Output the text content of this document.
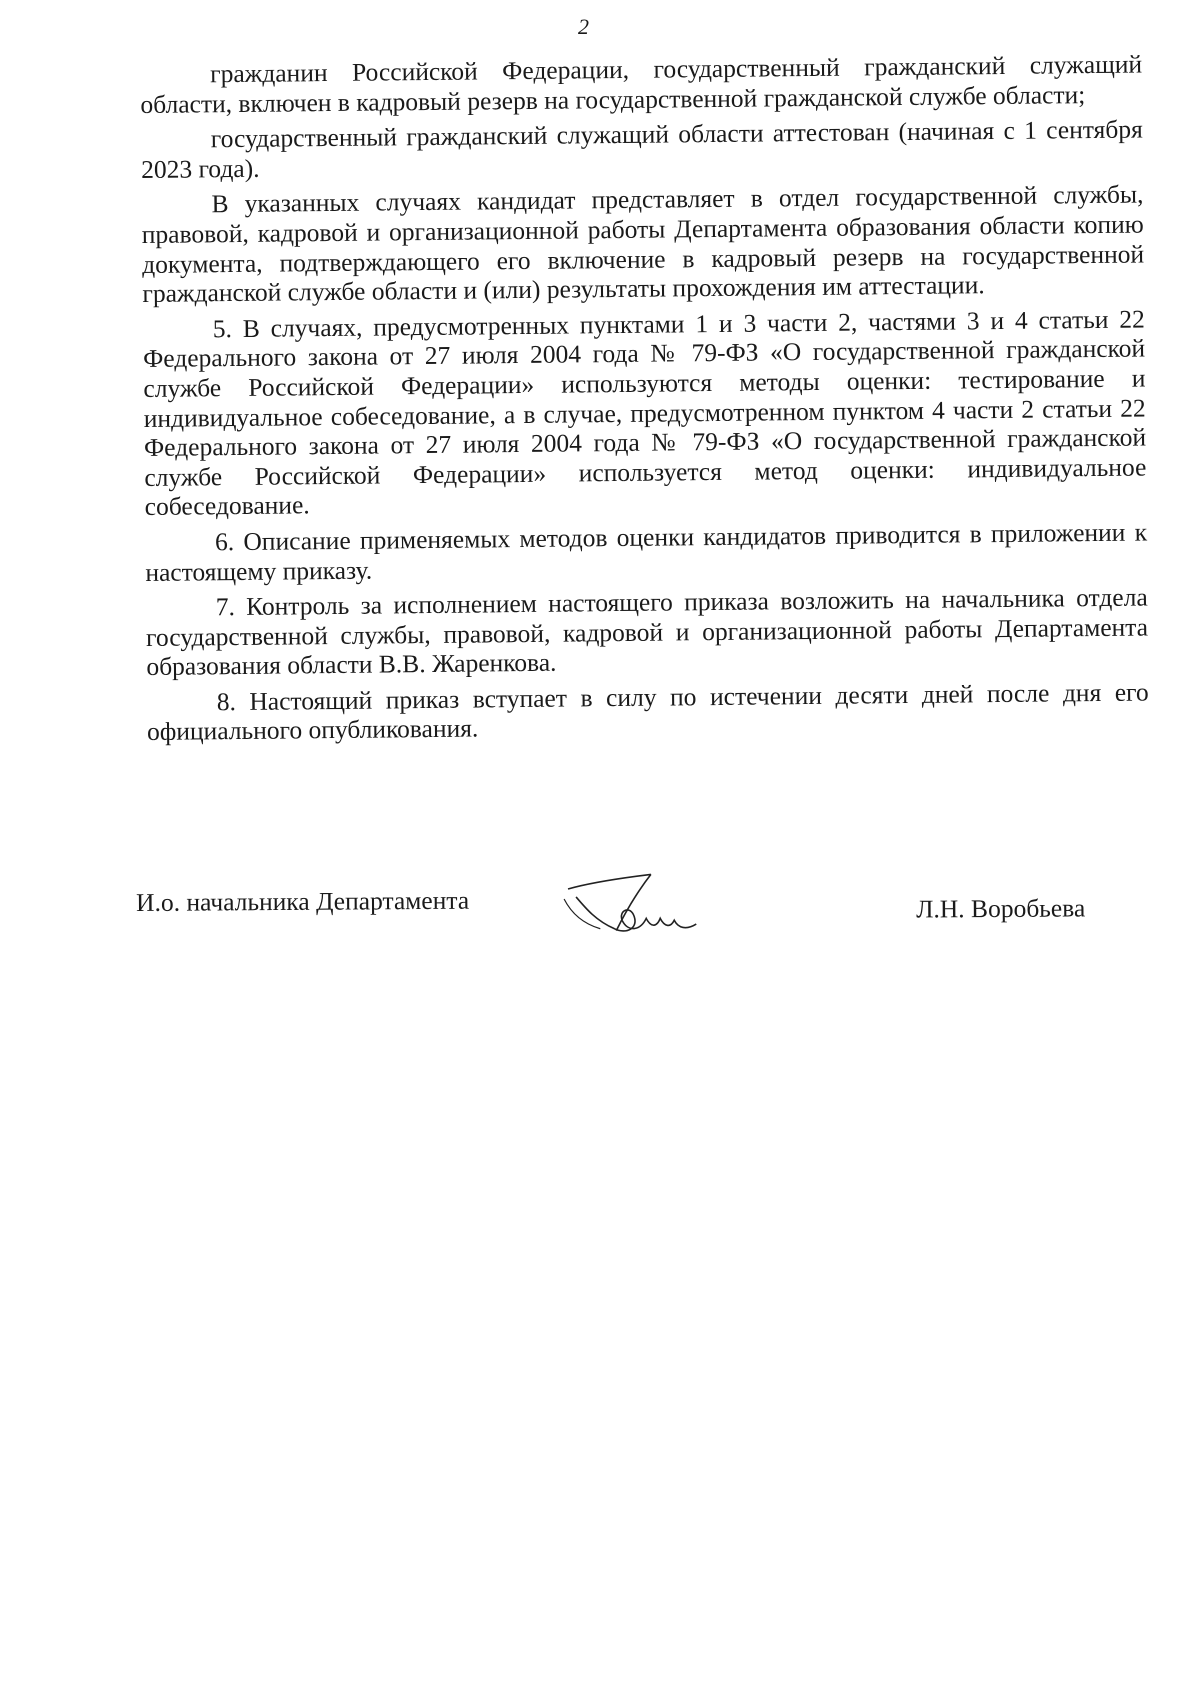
2

гражданин Российской Федерации, государственный гражданский служащий области, включен в кадровый резерв на государственной гражданской службе области;

государственный гражданский служащий области аттестован (начиная с 1 сентября 2023 года).

В указанных случаях кандидат представляет в отдел государственной службы, правовой, кадровой и организационной работы Департамента образования области копию документа, подтверждающего его включение в кадровый резерв на государственной гражданской службе области и (или) результаты прохождения им аттестации.

5. В случаях, предусмотренных пунктами 1 и 3 части 2, частями 3 и 4 статьи 22 Федерального закона от 27 июля 2004 года № 79-ФЗ «О государственной гражданской службе Российской Федерации» используются методы оценки: тестирование и индивидуальное собеседование, а в случае, предусмотренном пунктом 4 части 2 статьи 22 Федерального закона от 27 июля 2004 года № 79-ФЗ «О государственной гражданской службе Российской Федерации» используется метод оценки: индивидуальное собеседование.

6. Описание применяемых методов оценки кандидатов приводится в приложении к настоящему приказу.

7. Контроль за исполнением настоящего приказа возложить на начальника отдела государственной службы, правовой, кадровой и организационной работы Департамента образования области В.В. Жаренкова.

8. Настоящий приказ вступает в силу по истечении десяти дней после дня его официального опубликования.

И.о. начальника Департамента	Л.Н. Воробьева
